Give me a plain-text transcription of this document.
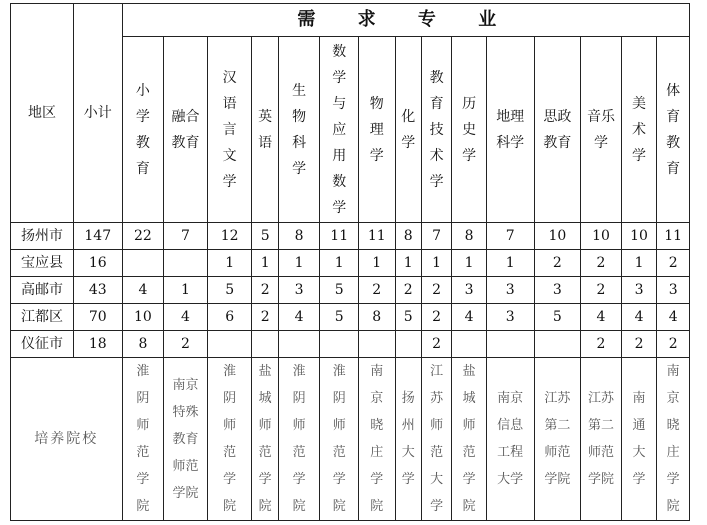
地区	小计	需 求 专 业														
		小学教育	融合教育	汉语言文学	英语	生物科学	数学与应用数学	物理学	化学	教育技术学	历史学	地理科学	思政教育	音乐学	美术学	体育教育
扬州市	147	22	7	12	5	8	11	11	8	7	8	7	10	10	10	11
宝应县	16			1	1	1	1	1	1	1	1	1	2	2	1	2
高邮市	43	4	1	5	2	3	5	2	2	2	3	3	3	2	3	3
江都区	70	10	4	6	2	4	5	8	5	2	4	3	5	4	4	4
仪征市	18	8	2							2				2	2	2
培养院校		淮阴师范学院	南京特殊教育师范学院	淮阴师范学院	盐城师范学院	淮阴师范学院	淮阴师范学院	南京晓庄学院	扬州大学	江苏师范大学	盐城师范学院	南京信息工程大学	江苏第二师范学院	江苏第二师范学院	南通大学	南京晓庄学院
